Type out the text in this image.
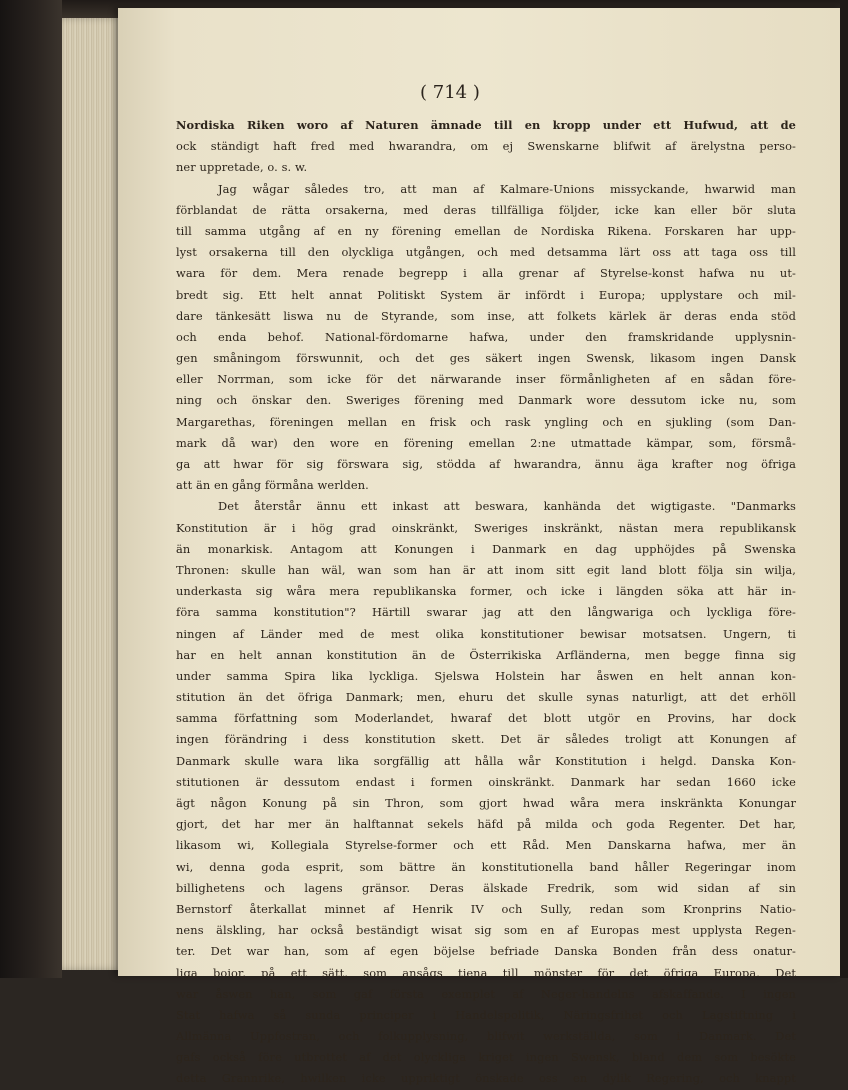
( 714 )
Nordiska Riken woro af Naturen ämnade till en kropp under ett Hufwud, att de
ock ständigt haft fred med hwarandra, om ej Swenskarne blifwit af ärelystna perso-
ner uppretade, o. s. w.
Jag wågar således tro, att man af Kalmare-Unions missyckande, hwarwid man
förblandat de rätta orsakerna, med deras tillfälliga följder, icke kan eller bör sluta
till samma utgång af en ny förening emellan de Nordiska Rikena. Forskaren har upp-
lyst orsakerna till den olyckliga utgången, och med detsamma lärt oss att taga oss till
wara för dem. Mera renade begrepp i alla grenar af Styrelse-konst hafwa nu ut-
bredt sig. Ett helt annat Politiskt System är infördt i Europa; upplystare och mil-
dare tänkesätt liswa nu de Styrande, som inse, att folkets kärlek är deras enda stöd
och enda behof. National-fördomarne hafwa, under den framskridande upplysnin-
gen småningom förswunnit, och det ges säkert ingen Swensk, likasom ingen Dansk
eller Norrman, som icke för det närwarande inser förmånligheten af en sådan före-
ning och önskar den. Sweriges förening med Danmark wore dessutom icke nu, som
Margarethas, föreningen mellan en frisk och rask yngling och en sjukling (som Dan-
mark då war) den wore en förening emellan 2:ne utmattade kämpar, som, försmå-
ga att hwar för sig förswara sig, stödda af hwarandra, ännu äga krafter nog öfriga
att än en gång förmåna werlden.
Det återstår ännu ett inkast att beswara, kanhända det wigtigaste. "Danmarks
Konstitution är i hög grad oinskränkt, Sweriges inskränkt, nästan mera republikansk
än monarkisk. Antagom att Konungen i Danmark en dag upphöjdes på Swenska
Thronen: skulle han wäl, wan som han är att inom sitt egit land blott följa sin wilja,
underkasta sig wåra mera republikanska former, och icke i längden söka att här in-
föra samma konstitution"? Härtill swarar jag att den långwariga och lyckliga före-
ningen af Länder med de mest olika konstitutioner bewisar motsatsen. Ungern, ti
har en helt annan konstitution än de Österrikiska Arfländerna, men begge finna sig
under samma Spira lika lyckliga. Sjelswa Holstein har åswen en helt annan kon-
stitution än det öfriga Danmark; men, ehuru det skulle synas naturligt, att det erhöll
samma författning som Moderlandet, hwaraf det blott utgör en Provins, har dock
ingen förändring i dess konstitution skett. Det är således troligt att Konungen af
Danmark skulle wara lika sorgfällig att hålla wår Konstitution i helgd. Danska Kon-
stitutionen är dessutom endast i formen oinskränkt. Danmark har sedan 1660 icke
ägt någon Konung på sin Thron, som gjort hwad wåra mera inskränkta Konungar
gjort, det har mer än halftannat sekels häfd på milda och goda Regenter. Det har,
likasom wi, Kollegiala Styrelse-former och ett Råd. Men Danskarna hafwa, mer än
wi, denna goda esprit, som bättre än konstitutionella band håller Regeringar inom
billighetens och lagens gränsor. Deras älskade Fredrik, som wid sidan af sin
Bernstorf återkallat minnet af Henrik IV och Sully, redan som Kronprins Natio-
nens älskling, har också beständigt wisat sig som en af Europas mest upplysta Regen-
ter. Det war han, som af egen böjelse befriade Danska Bonden från dess onatur-
liga bojor, på ett sätt, som ansågs tjena till mönster för det öfriga Europa. Det
war åswen han, som gaf första exemplet af Neger-handelns afskaffande. I ingen
Stat hafwa så sunda principer i Handelspolitik, Näringsfrihet och Lagstiftning i
Allmänna Uppfostran, och folkupplysning, blifwit werkställda, som i Danmark. Det
gafs också före utbrottet af det olyckliga kriget ingen Swensk, bland dem som besökte
detta Grannrike, hwilken icke uppriktigt önskade oss en dylik Regering, och knappt
